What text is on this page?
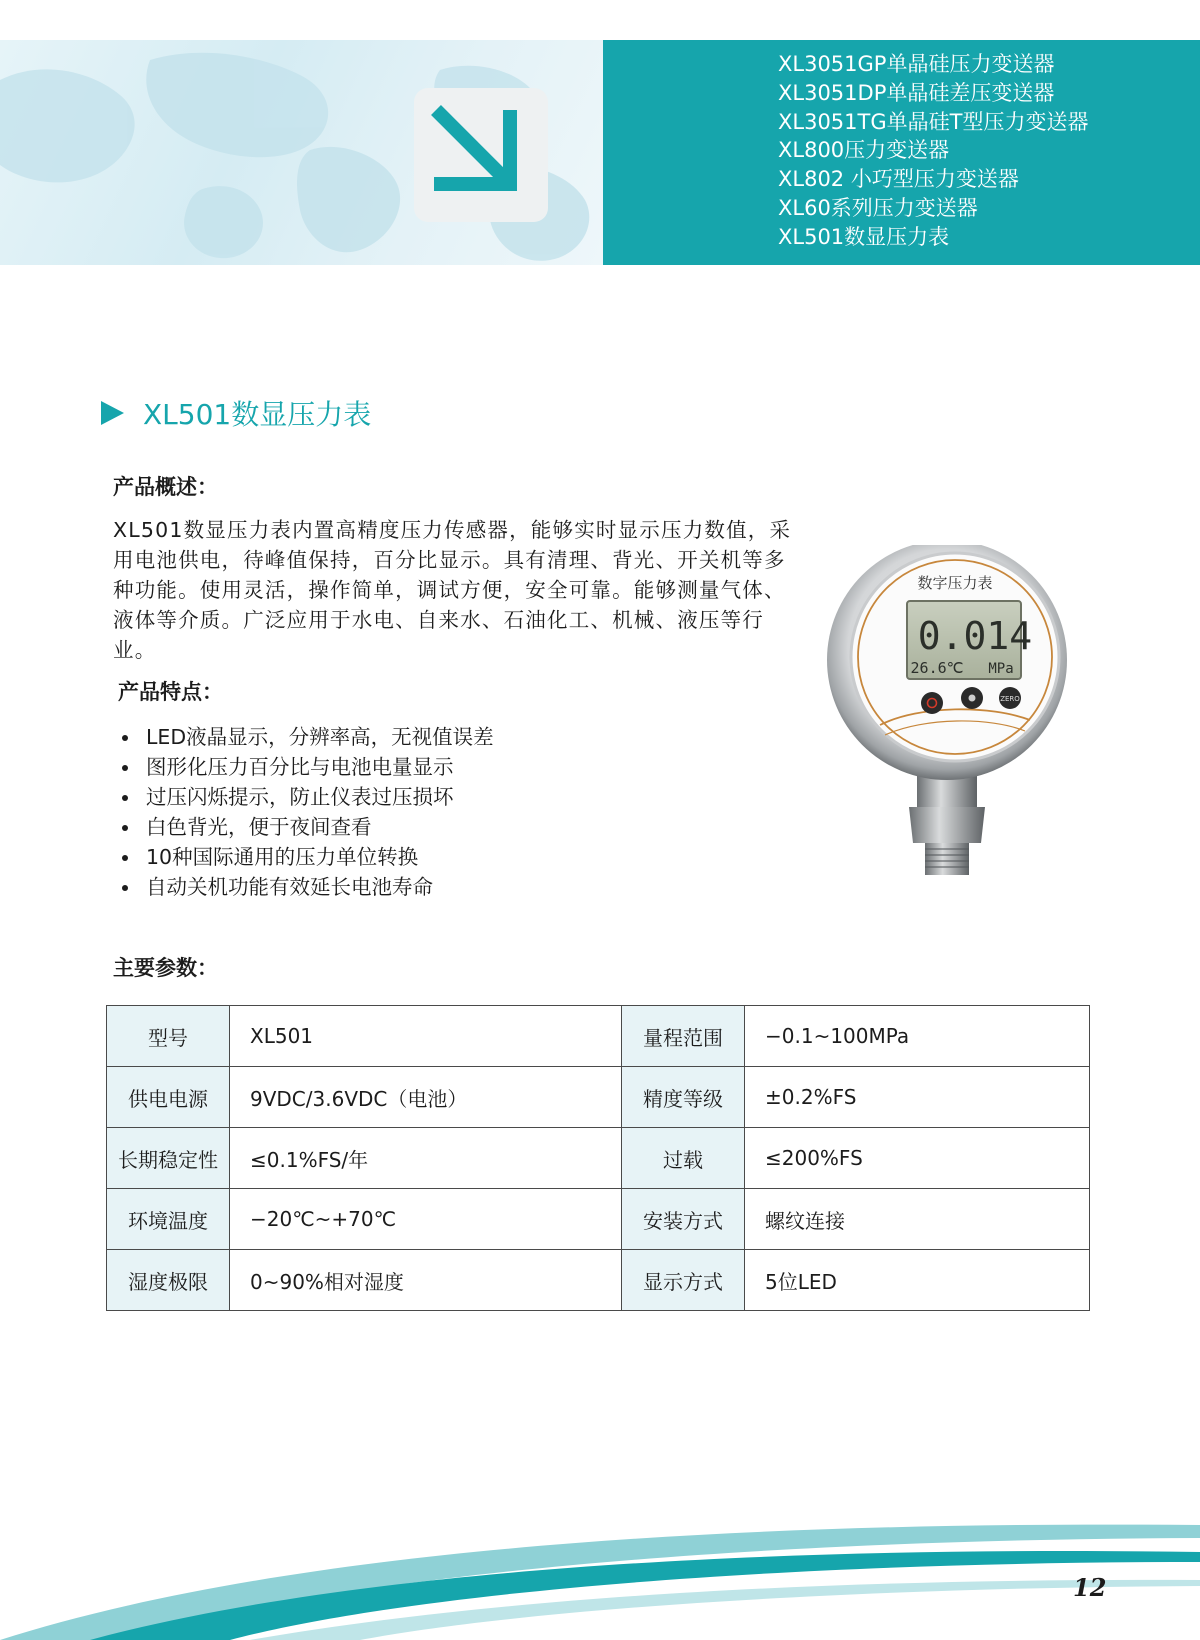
XL3051GP单晶硅压力变送器
XL3051DP单晶硅差压变送器
XL3051TG单晶硅T型压力变送器
XL800压力变送器
XL802 小巧型压力变送器
XL60系列压力变送器
XL501数显压力表
XL501数显压力表
产品概述：

XL501数显压力表内置高精度压力传感器，能够实时显示压力数值，采用电池供电，待峰值保持，百分比显示。具有清理、背光、开关机等多种功能。使用灵活，操作简单，调试方便，安全可靠。能够测量气体、液体等介质。广泛应用于水电、自来水、石油化工、机械、液压等行业。

产品特点：
LED液晶显示，分辨率高，无视值误差
图形化压力百分比与电池电量显示
过压闪烁提示，防止仪表过压损坏
白色背光，便于夜间查看
10种国际通用的压力单位转换
自动关机功能有效延长电池寿命
数字压力表
0.014
26.6℃ MPa
ZERO
主要参数：
型号	XL501	量程范围	−0.1~100MPa
供电电源	9VDC/3.6VDC（电池）	精度等级	±0.2%FS
长期稳定性	≤0.1%FS/年	过载	≤200%FS
环境温度	−20℃~+70℃	安装方式	螺纹连接
湿度极限	0~90%相对湿度	显示方式	5位LED
12
